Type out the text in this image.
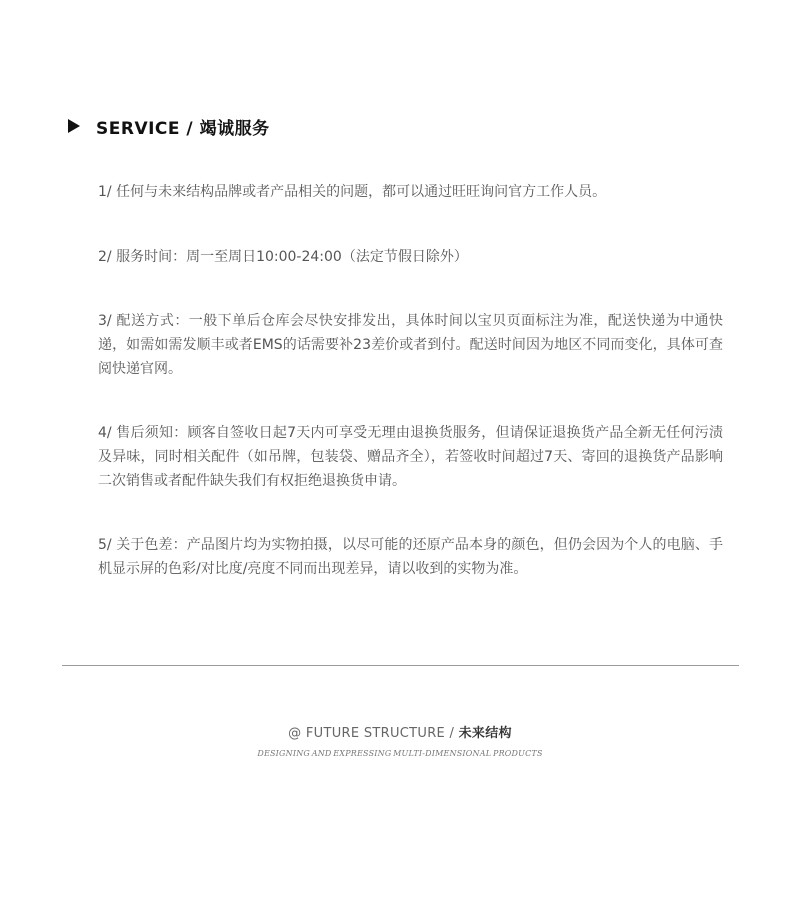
SERVICE / 竭诚服务

1/ 任何与未来结构品牌或者产品相关的问题，都可以通过旺旺询问官方工作人员。

2/ 服务时间：周一至周日10:00-24:00（法定节假日除外）

3/ 配送方式：一般下单后仓库会尽快安排发出，具体时间以宝贝页面标注为准，配送快递为中通快递，如需如需发顺丰或者EMS的话需要补23差价或者到付。配送时间因为地区不同而变化，具体可查阅快递官网。

4/ 售后须知：顾客自签收日起7天内可享受无理由退换货服务，但请保证退换货产品全新无任何污渍及异味，同时相关配件（如吊牌，包装袋、赠品齐全），若签收时间超过7天、寄回的退换货产品影响二次销售或者配件缺失我们有权拒绝退换货申请。

5/ 关于色差：产品图片均为实物拍摄，以尽可能的还原产品本身的颜色，但仍会因为个人的电脑、手机显示屏的色彩/对比度/亮度不同而出现差异，请以收到的实物为准。

@ FUTURE STRUCTURE / 未来结构
DESIGNING AND EXPRESSING MULTI-DIMENSIONAL PRODUCTS
